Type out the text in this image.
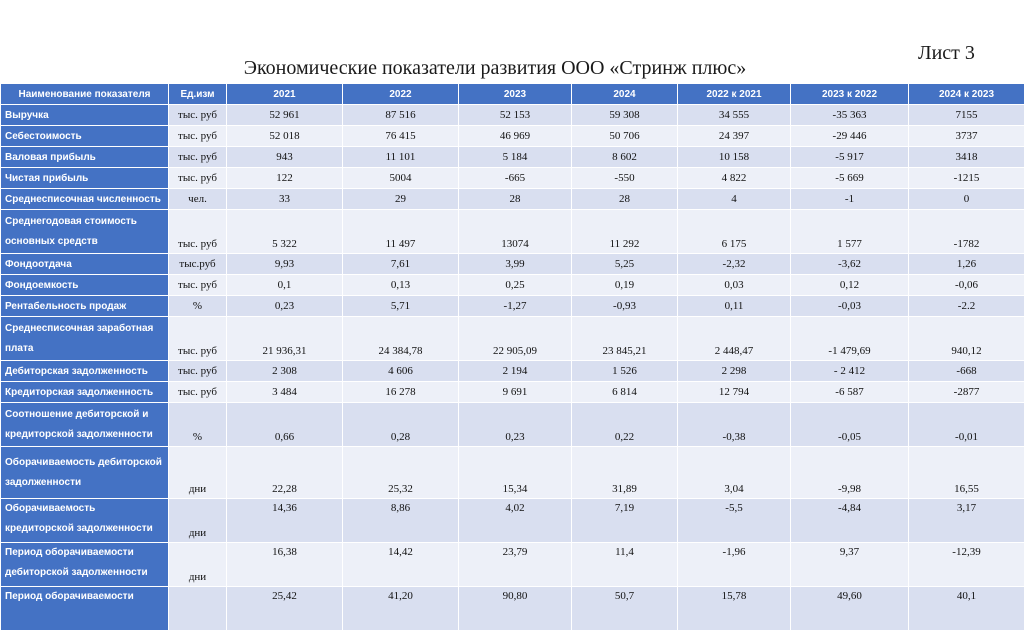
Лист 3
Экономические показатели развития ООО «Стринж плюс»
Наименование показателя	Ед.изм	2021	2022	2023	2024	2022 к 2021	2023 к 2022	2024 к 2023
Выручка	тыс. руб	52 961	87 516	52 153	59 308	34 555	-35 363	7155
Себестоимость	тыс. руб	52 018	76 415	46 969	50 706	24 397	-29 446	3737
Валовая прибыль	тыс. руб	943	11 101	5 184	8 602	10 158	-5 917	3418
Чистая прибыль	тыс. руб	122	5004	-665	-550	4 822	-5 669	-1215
Среднесписочная численность	чел.	33	29	28	28	4	-1	0
Среднегодовая стоимость основных средств	тыс. руб	5 322	11 497	13074	11 292	6 175	1 577	-1782
Фондоотдача	тыс.руб	9,93	7,61	3,99	5,25	-2,32	-3,62	1,26
Фондоемкость	тыс. руб	0,1	0,13	0,25	0,19	0,03	0,12	-0,06
Рентабельность продаж	%	0,23	5,71	-1,27	-0,93	0,11	-0,03	-2.2
Среднесписочная заработная плата	тыс. руб	21 936,31	24 384,78	22 905,09	23 845,21	2 448,47	-1 479,69	940,12
Дебиторская задолженность	тыс. руб	2 308	4 606	2 194	1 526	2 298	- 2 412	-668
Кредиторская задолженность	тыс. руб	3 484	16 278	9 691	6 814	12 794	-6 587	-2877
Соотношение дебиторской и кредиторской задолженности	%	0,66	0,28	0,23	0,22	-0,38	-0,05	-0,01
Оборачиваемость дебиторской задолженности	дни	22,28	25,32	15,34	31,89	3,04	-9,98	16,55
Оборачиваемость кредиторской задолженности	дни	14,36	8,86	4,02	7,19	-5,5	-4,84	3,17
Период оборачиваемости дебиторской задолженности	дни	16,38	14,42	23,79	11,4	-1,96	9,37	-12,39
Период оборачиваемости		25,42	41,20	90,80	50,7	15,78	49,60	40,1
